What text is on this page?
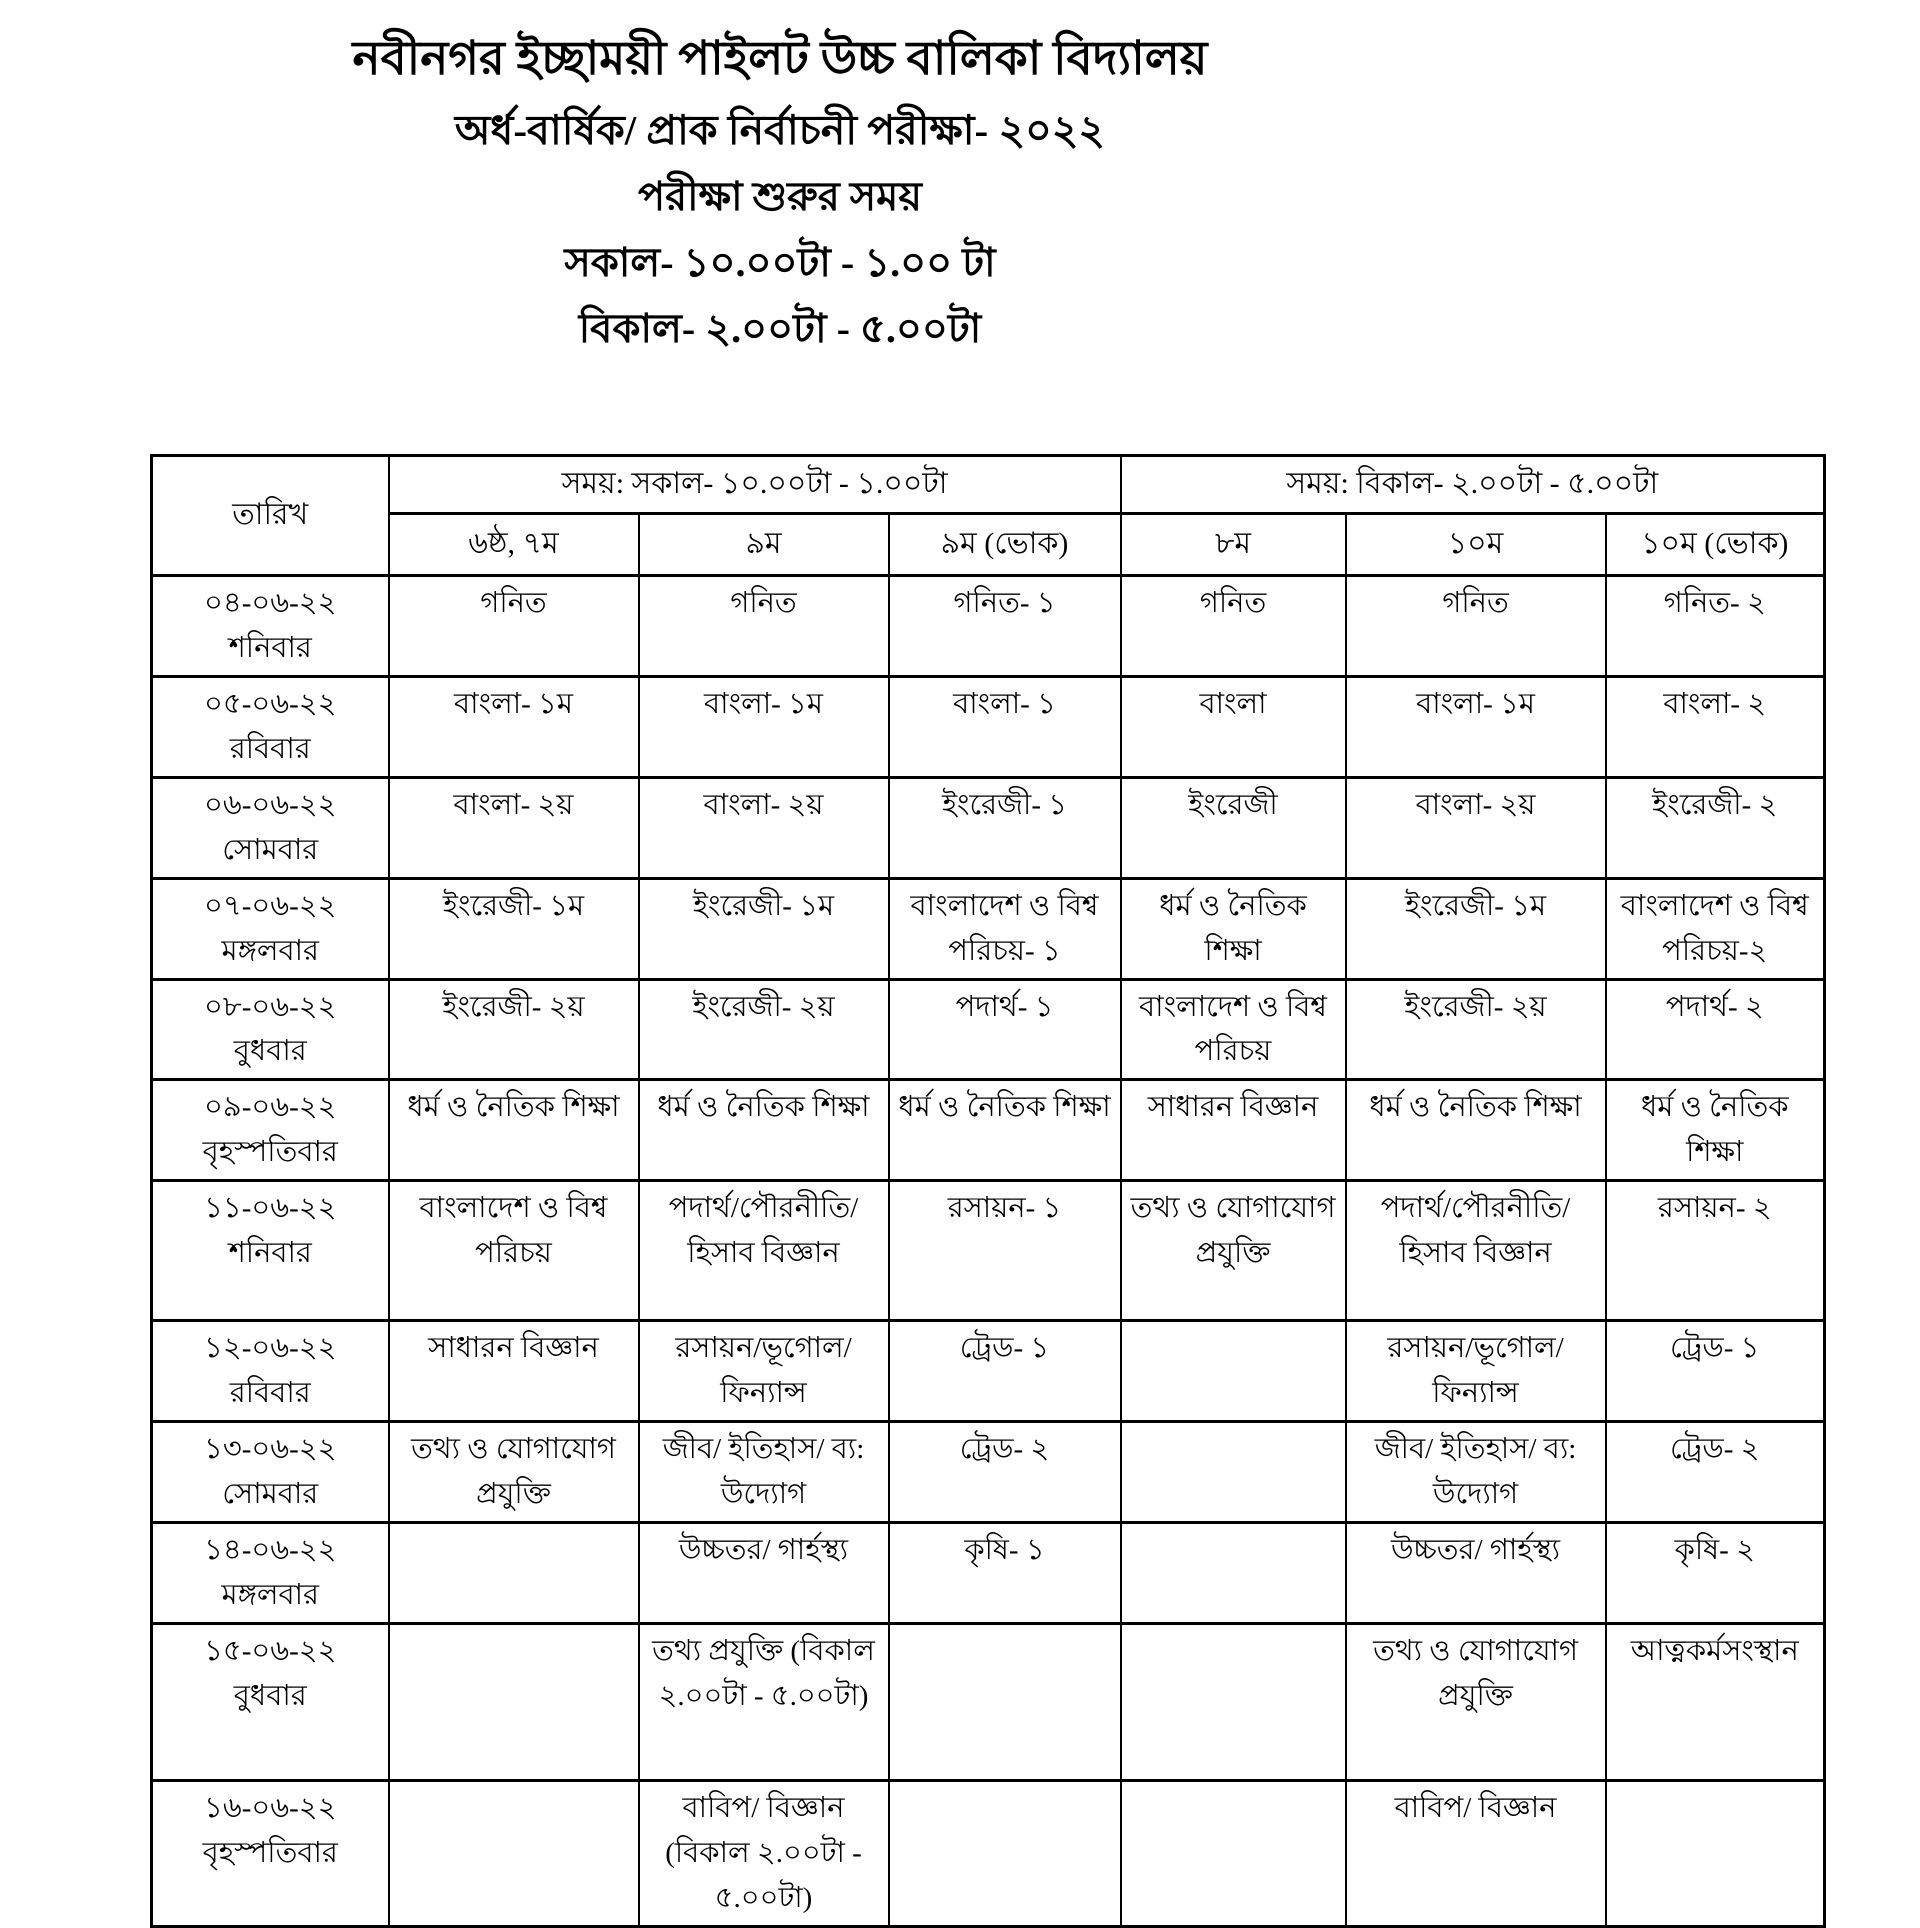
নবীনগর ইচ্ছাময়ী পাইলট উচ্চ বালিকা বিদ্যালয়
অর্ধ-বার্ষিক/ প্রাক নির্বাচনী পরীক্ষা- ২০২২
পরীক্ষা শুরুর সময়
সকাল- ১০.০০টা - ১.০০ টা
বিকাল- ২.০০টা - ৫.০০টা
তারিখ	সময়: সকাল- ১০.০০টা - ১.০০টা			সময়: বিকাল- ২.০০টা - ৫.০০টা		
	৬ষ্ঠ, ৭ম	৯ম	৯ম (ভোক)	৮ম	১০ম	১০ম (ভোক)

০৪-০৬-২২
শনিবার	গনিত	গনিত	গনিত- ১	গনিত	গনিত	গনিত- ২

০৫-০৬-২২
রবিবার	বাংলা- ১ম	বাংলা- ১ম	বাংলা- ১	বাংলা	বাংলা- ১ম	বাংলা- ২

০৬-০৬-২২
সোমবার	বাংলা- ২য়	বাংলা- ২য়	ইংরেজী- ১	ইংরেজী	বাংলা- ২য়	ইংরেজী- ২

০৭-০৬-২২
মঙ্গলবার	ইংরেজী- ১ম	ইংরেজী- ১ম	বাংলাদেশ ও বিশ্ব পরিচয়- ১	ধর্ম ও নৈতিক শিক্ষা	ইংরেজী- ১ম	বাংলাদেশ ও বিশ্ব পরিচয়-২

০৮-০৬-২২
বুধবার	ইংরেজী- ২য়	ইংরেজী- ২য়	পদার্থ- ১	বাংলাদেশ ও বিশ্ব পরিচয়	ইংরেজী- ২য়	পদার্থ- ২

০৯-০৬-২২
বৃহস্পতিবার	ধর্ম ও নৈতিক শিক্ষা	ধর্ম ও নৈতিক শিক্ষা	ধর্ম ও নৈতিক শিক্ষা	সাধারন বিজ্ঞান	ধর্ম ও নৈতিক শিক্ষা	ধর্ম ও নৈতিক শিক্ষা

১১-০৬-২২
শনিবার	বাংলাদেশ ও বিশ্ব পরিচয়	পদার্থ/পৌরনীতি/ হিসাব বিজ্ঞান	রসায়ন- ১	তথ্য ও যোগাযোগ প্রযুক্তি	পদার্থ/পৌরনীতি/ হিসাব বিজ্ঞান	রসায়ন- ২

১২-০৬-২২
রবিবার	সাধারন বিজ্ঞান	রসায়ন/ভূগোল/ ফিন্যান্স	ট্রেড- ১		রসায়ন/ভূগোল/ ফিন্যান্স	ট্রেড- ১

১৩-০৬-২২
সোমবার	তথ্য ও যোগাযোগ প্রযুক্তি	জীব/ ইতিহাস/ ব্য: উদ্যোগ	ট্রেড- ২		জীব/ ইতিহাস/ ব্য: উদ্যোগ	ট্রেড- ২

১৪-০৬-২২
মঙ্গলবার		উচ্চতর/ গার্হস্থ্য	কৃষি- ১		উচ্চতর/ গার্হস্থ্য	কৃষি- ২

১৫-০৬-২২
বুধবার		তথ্য প্রযুক্তি (বিকাল ২.০০টা - ৫.০০টা)			তথ্য ও যোগাযোগ প্রযুক্তি	আত্নকর্মসংস্থান

১৬-০৬-২২
বৃহস্পতিবার		বাবিপ/ বিজ্ঞান (বিকাল ২.০০টা - ৫.০০টা)			বাবিপ/ বিজ্ঞান	
